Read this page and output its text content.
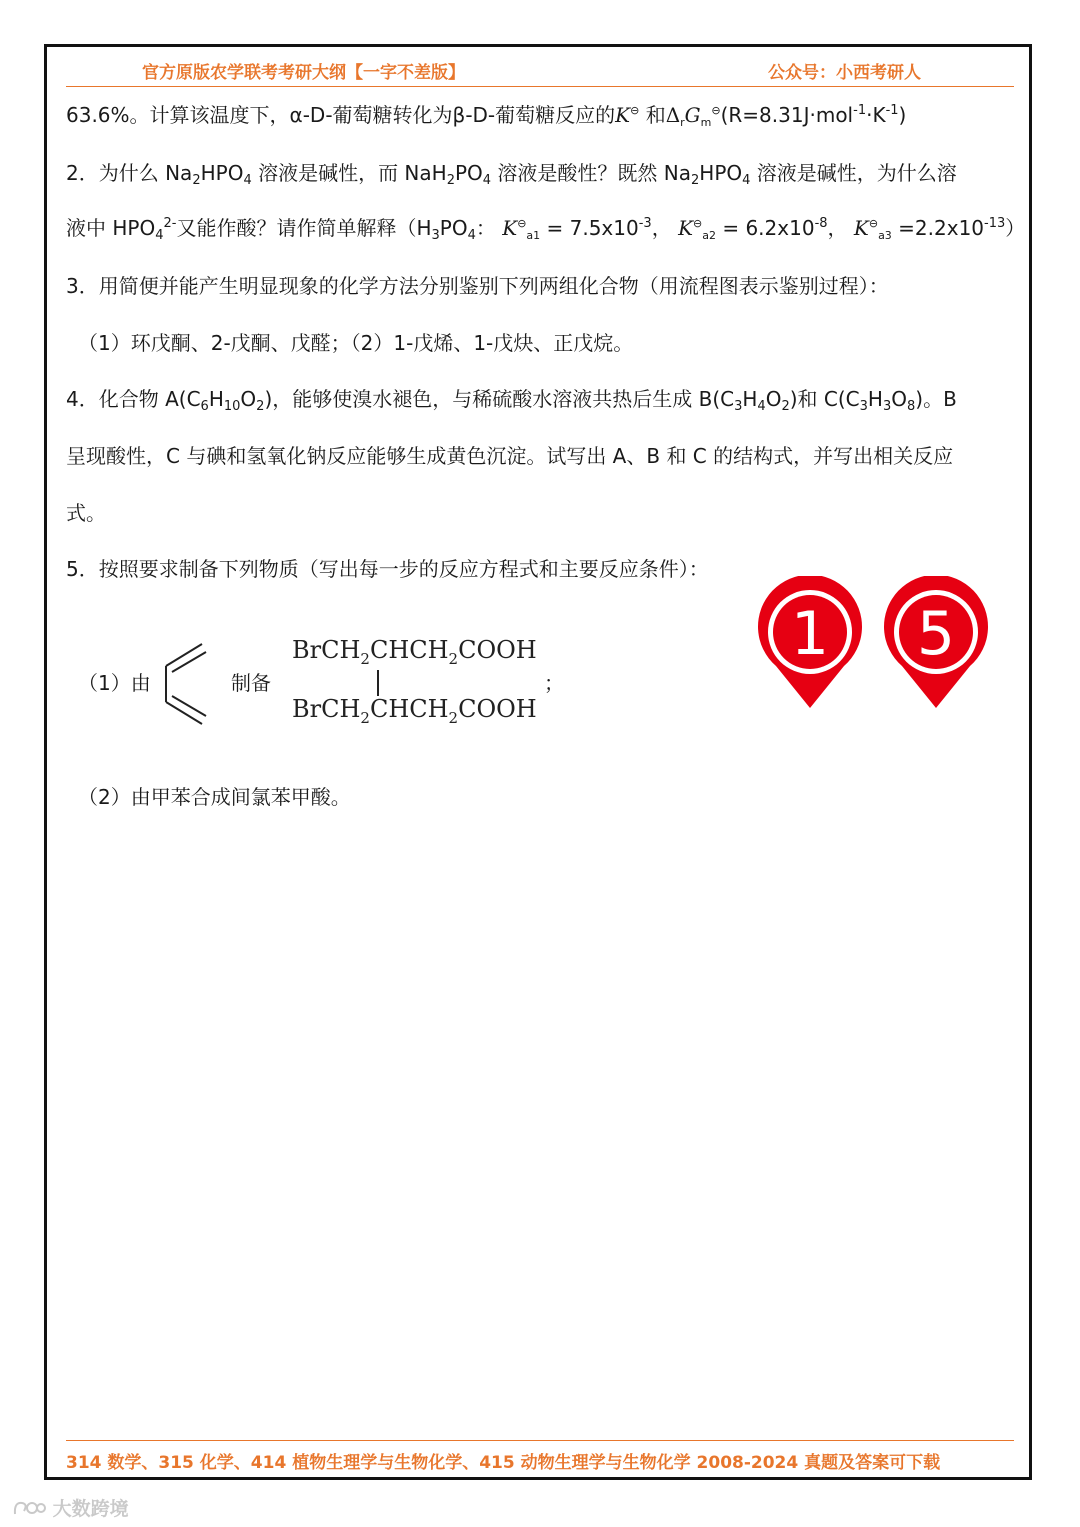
官方原版农学联考考研大纲【一字不差版】	公众号：小西考研人
63.6%。计算该温度下，α-D-葡萄糖转化为β-D-葡萄糖反应的K⊖ 和$\Delta_rG_m^⊖(R=8.31J\cdot mol^{-1}\cdot K^{-1})$
2．为什么 $Na_2HPO_4$ 溶液是碱性，而 $NaH_2PO_4$ 溶液是酸性？既然 $Na_2HPO_4$ 溶液是碱性，为什么溶
液中 $HPO_4^{2-}$又能作酸？请作简单解释（$H_3PO_4$： $K^⊖_{a1} = 7.5x10^{-3}$， $K^⊖_{a2} = 6.2x10^{-8}$， $K^⊖_{a3} =2.2x10^{-13}$）
3．用简便并能产生明显现象的化学方法分别鉴别下列两组化合物（用流程图表示鉴别过程）：
（1）环戊酮、2-戊酮、戊醛；（2）1-戊烯、1-戊炔、正戊烷。
4．化合物 $A(C_6H_{10}O_2)$，能够使溴水褪色，与稀硫酸水溶液共热后生成 $B(C_3H_4O_2)$和 $C(C_3H_3O_8)$。B
呈现酸性，C 与碘和氢氧化钠反应能够生成黄色沉淀。试写出 A、B 和 C 的结构式，并写出相关反应
式。
5．按照要求制备下列物质（写出每一步的反应方程式和主要反应条件）：
（1）由	制备
$BrCH_2CHCH_2COOH$
$BrCH_2CHCH_2COOH$
；
（2）由甲苯合成间氯苯甲酸。
1 5
314 数学、315 化学、414 植物生理学与生物化学、415 动物生理学与生物化学 2008-2024 真题及答案可下载
大数跨境
